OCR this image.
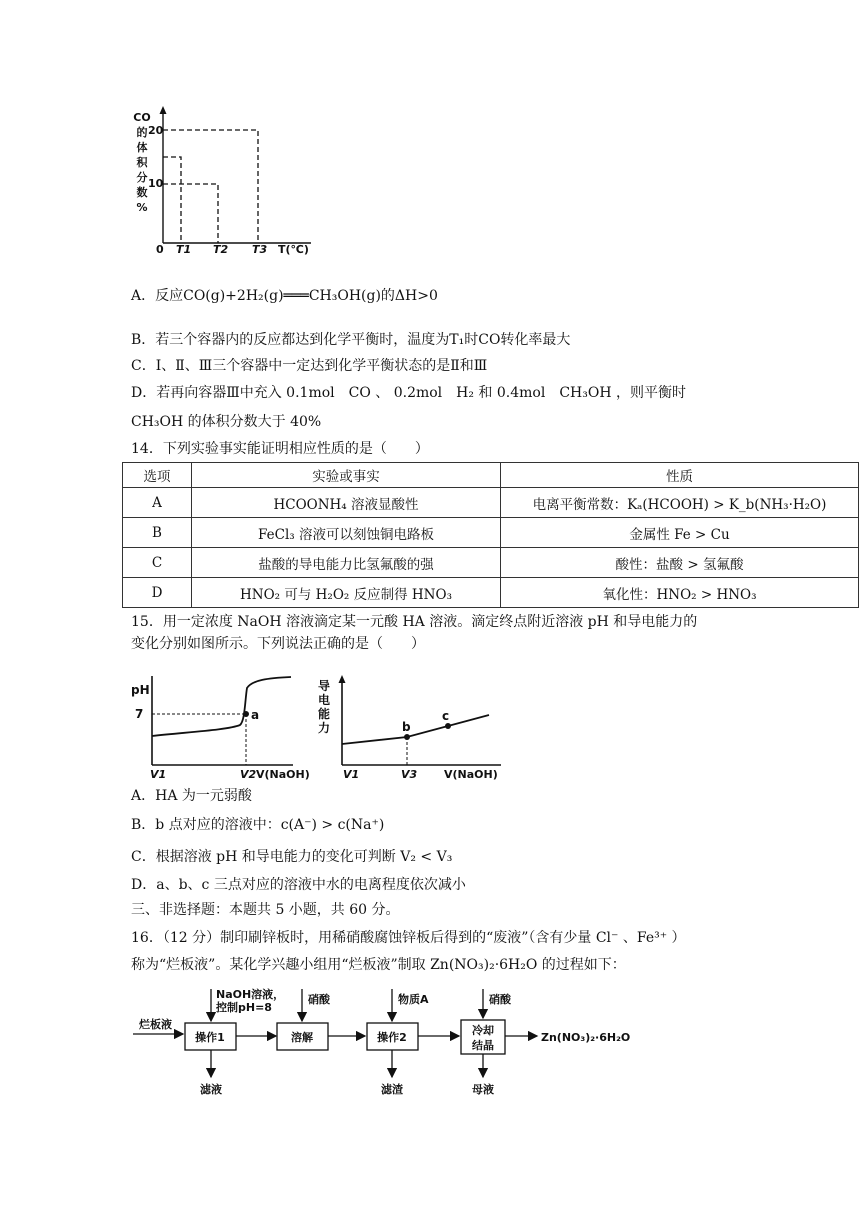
CO
的
体
积
分
数
%
20
10
0 T1 T2 T3 T(℃)
A．反应CO(g)+2H₂(g)═══CH₃OH(g)的ΔH>0
B．若三个容器内的反应都达到化学平衡时，温度为T₁时CO转化率最大
C．Ⅰ、Ⅱ、Ⅲ三个容器中一定达到化学平衡状态的是Ⅱ和Ⅲ
D．若再向容器Ⅲ中充入 0.1mol　CO 、 0.2mol　H₂ 和 0.4mol　CH₃OH ，则平衡时
CH₃OH 的体积分数大于 40%
14．下列实验事实能证明相应性质的是（　　）
选项	实验或事实	性质
A	HCOONH₄ 溶液显酸性	电离平衡常数：Kₐ(HCOOH) > K_b(NH₃·H₂O)
B	FeCl₃ 溶液可以刻蚀铜电路板	金属性 Fe > Cu
C	盐酸的导电能力比氢氟酸的强	酸性：盐酸 > 氢氟酸
D	HNO₂ 可与 H₂O₂ 反应制得 HNO₃	氧化性：HNO₂ > HNO₃
15．用一定浓度 NaOH 溶液滴定某一元酸 HA 溶液。滴定终点附近溶液 pH 和导电能力的
变化分别如图所示。下列说法正确的是（　　）
pH
7	a
V1	V2 V(NaOH)
导
电
能
力	b
c
V1	V3 V(NaOH)
A．HA 为一元弱酸
B．b 点对应的溶液中：c(A⁻) > c(Na⁺)
C．根据溶液 pH 和导电能力的变化可判断 V₂ < V₃
D．a、b、c 三点对应的溶液中水的电离程度依次减小
三、非选择题：本题共 5 小题，共 60 分。
16．（12 分）制印刷锌板时，用稀硝酸腐蚀锌板后得到的“废液”（含有少量 Cl⁻ 、Fe³⁺ ）
称为“烂板液”。某化学兴趣小组用“烂板液”制取 Zn(NO₃)₂·6H₂O 的过程如下：
烂板液
操作1	溶解	操作2
冷却
结晶
Zn(NO₃)₂·6H₂O
NaOH溶液，
控制pH=8
硝酸	物质A	硝酸
滤液	滤渣	母液
